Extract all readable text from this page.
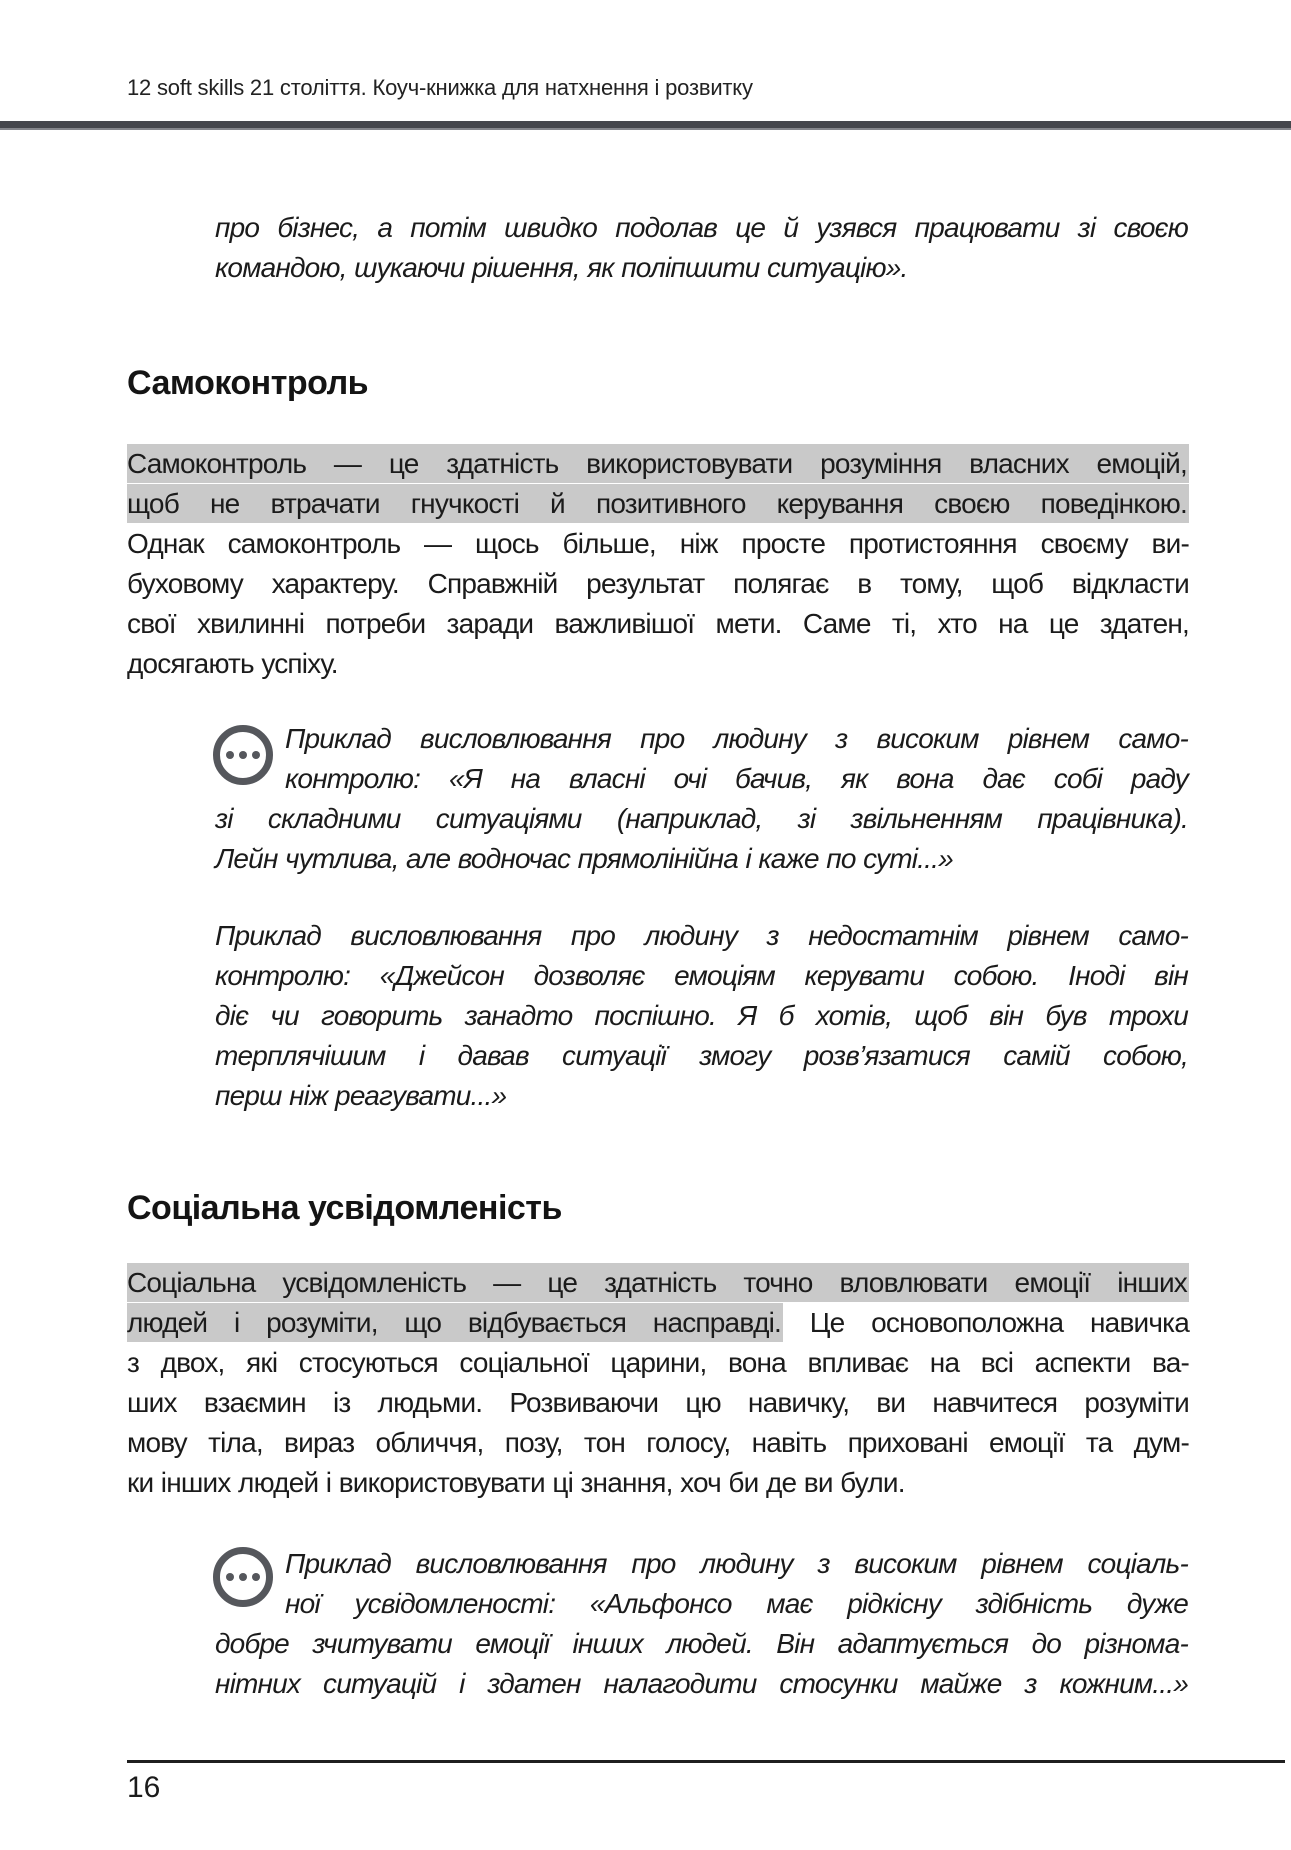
12 soft skills 21 століття. Коуч-книжка для натхнення і розвитку
про бізнес, а потім швидко подолав це й узявся працювати зі своєю
командою, шукаючи рішення, як поліпшити ситуацію».
Самоконтроль
Самоконтроль — це здатність використовувати розуміння власних емоцій,
щоб не втрачати гнучкості й позитивного керування своєю поведінкою.
Однак самоконтроль — щось більше, ніж просте протистояння своєму ви-
буховому характеру. Справжній результат полягає в тому, щоб відкласти
свої хвилинні потреби заради важливішої мети. Саме ті, хто на це здатен,
досягають успіху.
Приклад висловлювання про людину з високим рівнем само-
контролю: «Я на власні очі бачив, як вона дає собі раду
зі складними ситуаціями (наприклад, зі звільненням працівника).
Лейн чутлива, але водночас прямолінійна і каже по суті...»
Приклад висловлювання про людину з недостатнім рівнем само-
контролю: «Джейсон дозволяє емоціям керувати собою. Іноді він
діє чи говорить занадто поспішно. Я б хотів, щоб він був трохи
терплячішим і давав ситуації змогу розв’язатися самій собою,
перш ніж реагувати...»
Соціальна усвідомленість
Соціальна усвідомленість — це здатність точно вловлювати емоції інших
людей і розуміти, що відбувається насправді. Це основоположна навичка
з двох, які стосуються соціальної царини, вона впливає на всі аспекти ва-
ших взаємин із людьми. Розвиваючи цю навичку, ви навчитеся розуміти
мову тіла, вираз обличчя, позу, тон голосу, навіть приховані емоції та дум-
ки інших людей і використовувати ці знання, хоч би де ви були.
Приклад висловлювання про людину з високим рівнем соціаль-
ної усвідомленості: «Альфонсо має рідкісну здібність дуже
добре зчитувати емоції інших людей. Він адаптується до різнома-
нітних ситуацій і здатен налагодити стосунки майже з кожним...»
16
